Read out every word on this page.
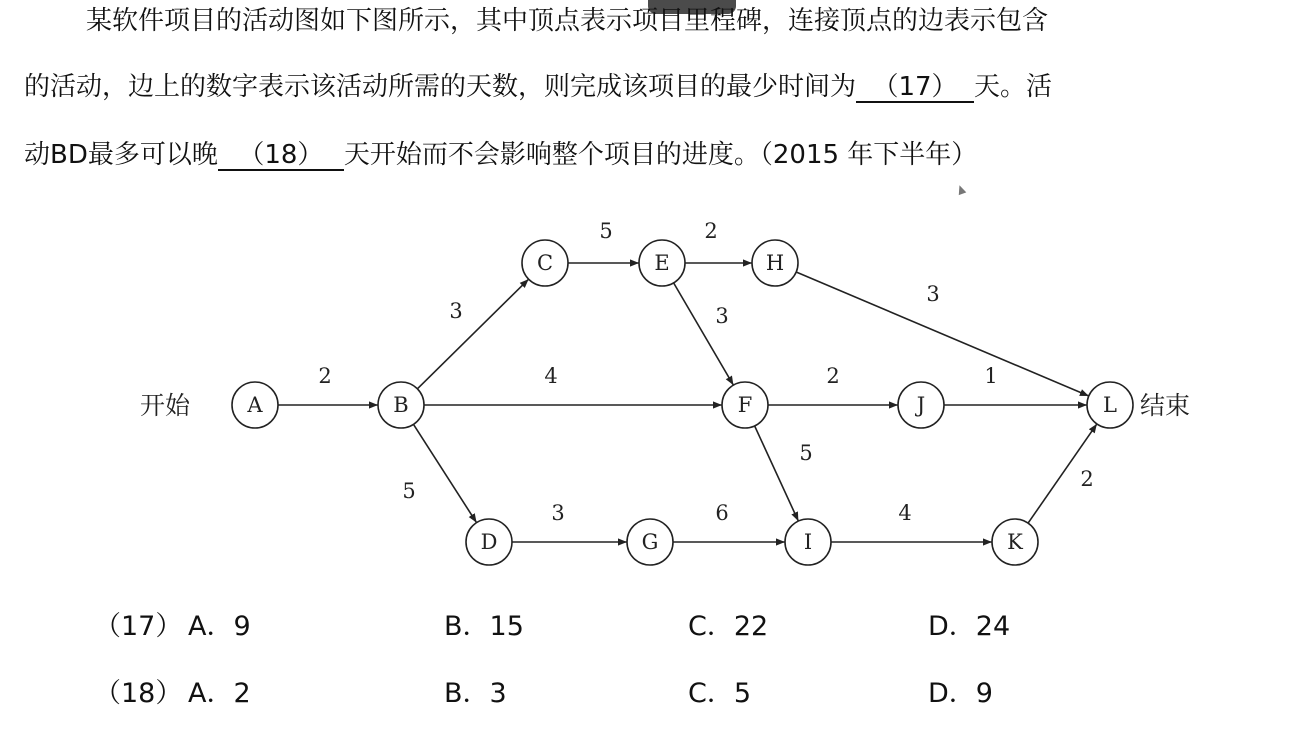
某软件项目的活动图如下图所示，其中顶点表示项目里程碑，连接顶点的边表示包含
的活动，边上的数字表示该活动所需的天数，则完成该项目的最少时间为 （17） 天。活
动BD最多可以晚 （18） 天开始而不会影响整个项目的进度。（2015 年下半年）
2
3
4
5
5	2
3
3
2	1
5
3	6	4
2
A	B
C
D
E
F
G
H
I
J
K
L
开始	结束
（17） A．9	B．15	C．22	D．24
（18） A．2	B．3	C．5	D．9
